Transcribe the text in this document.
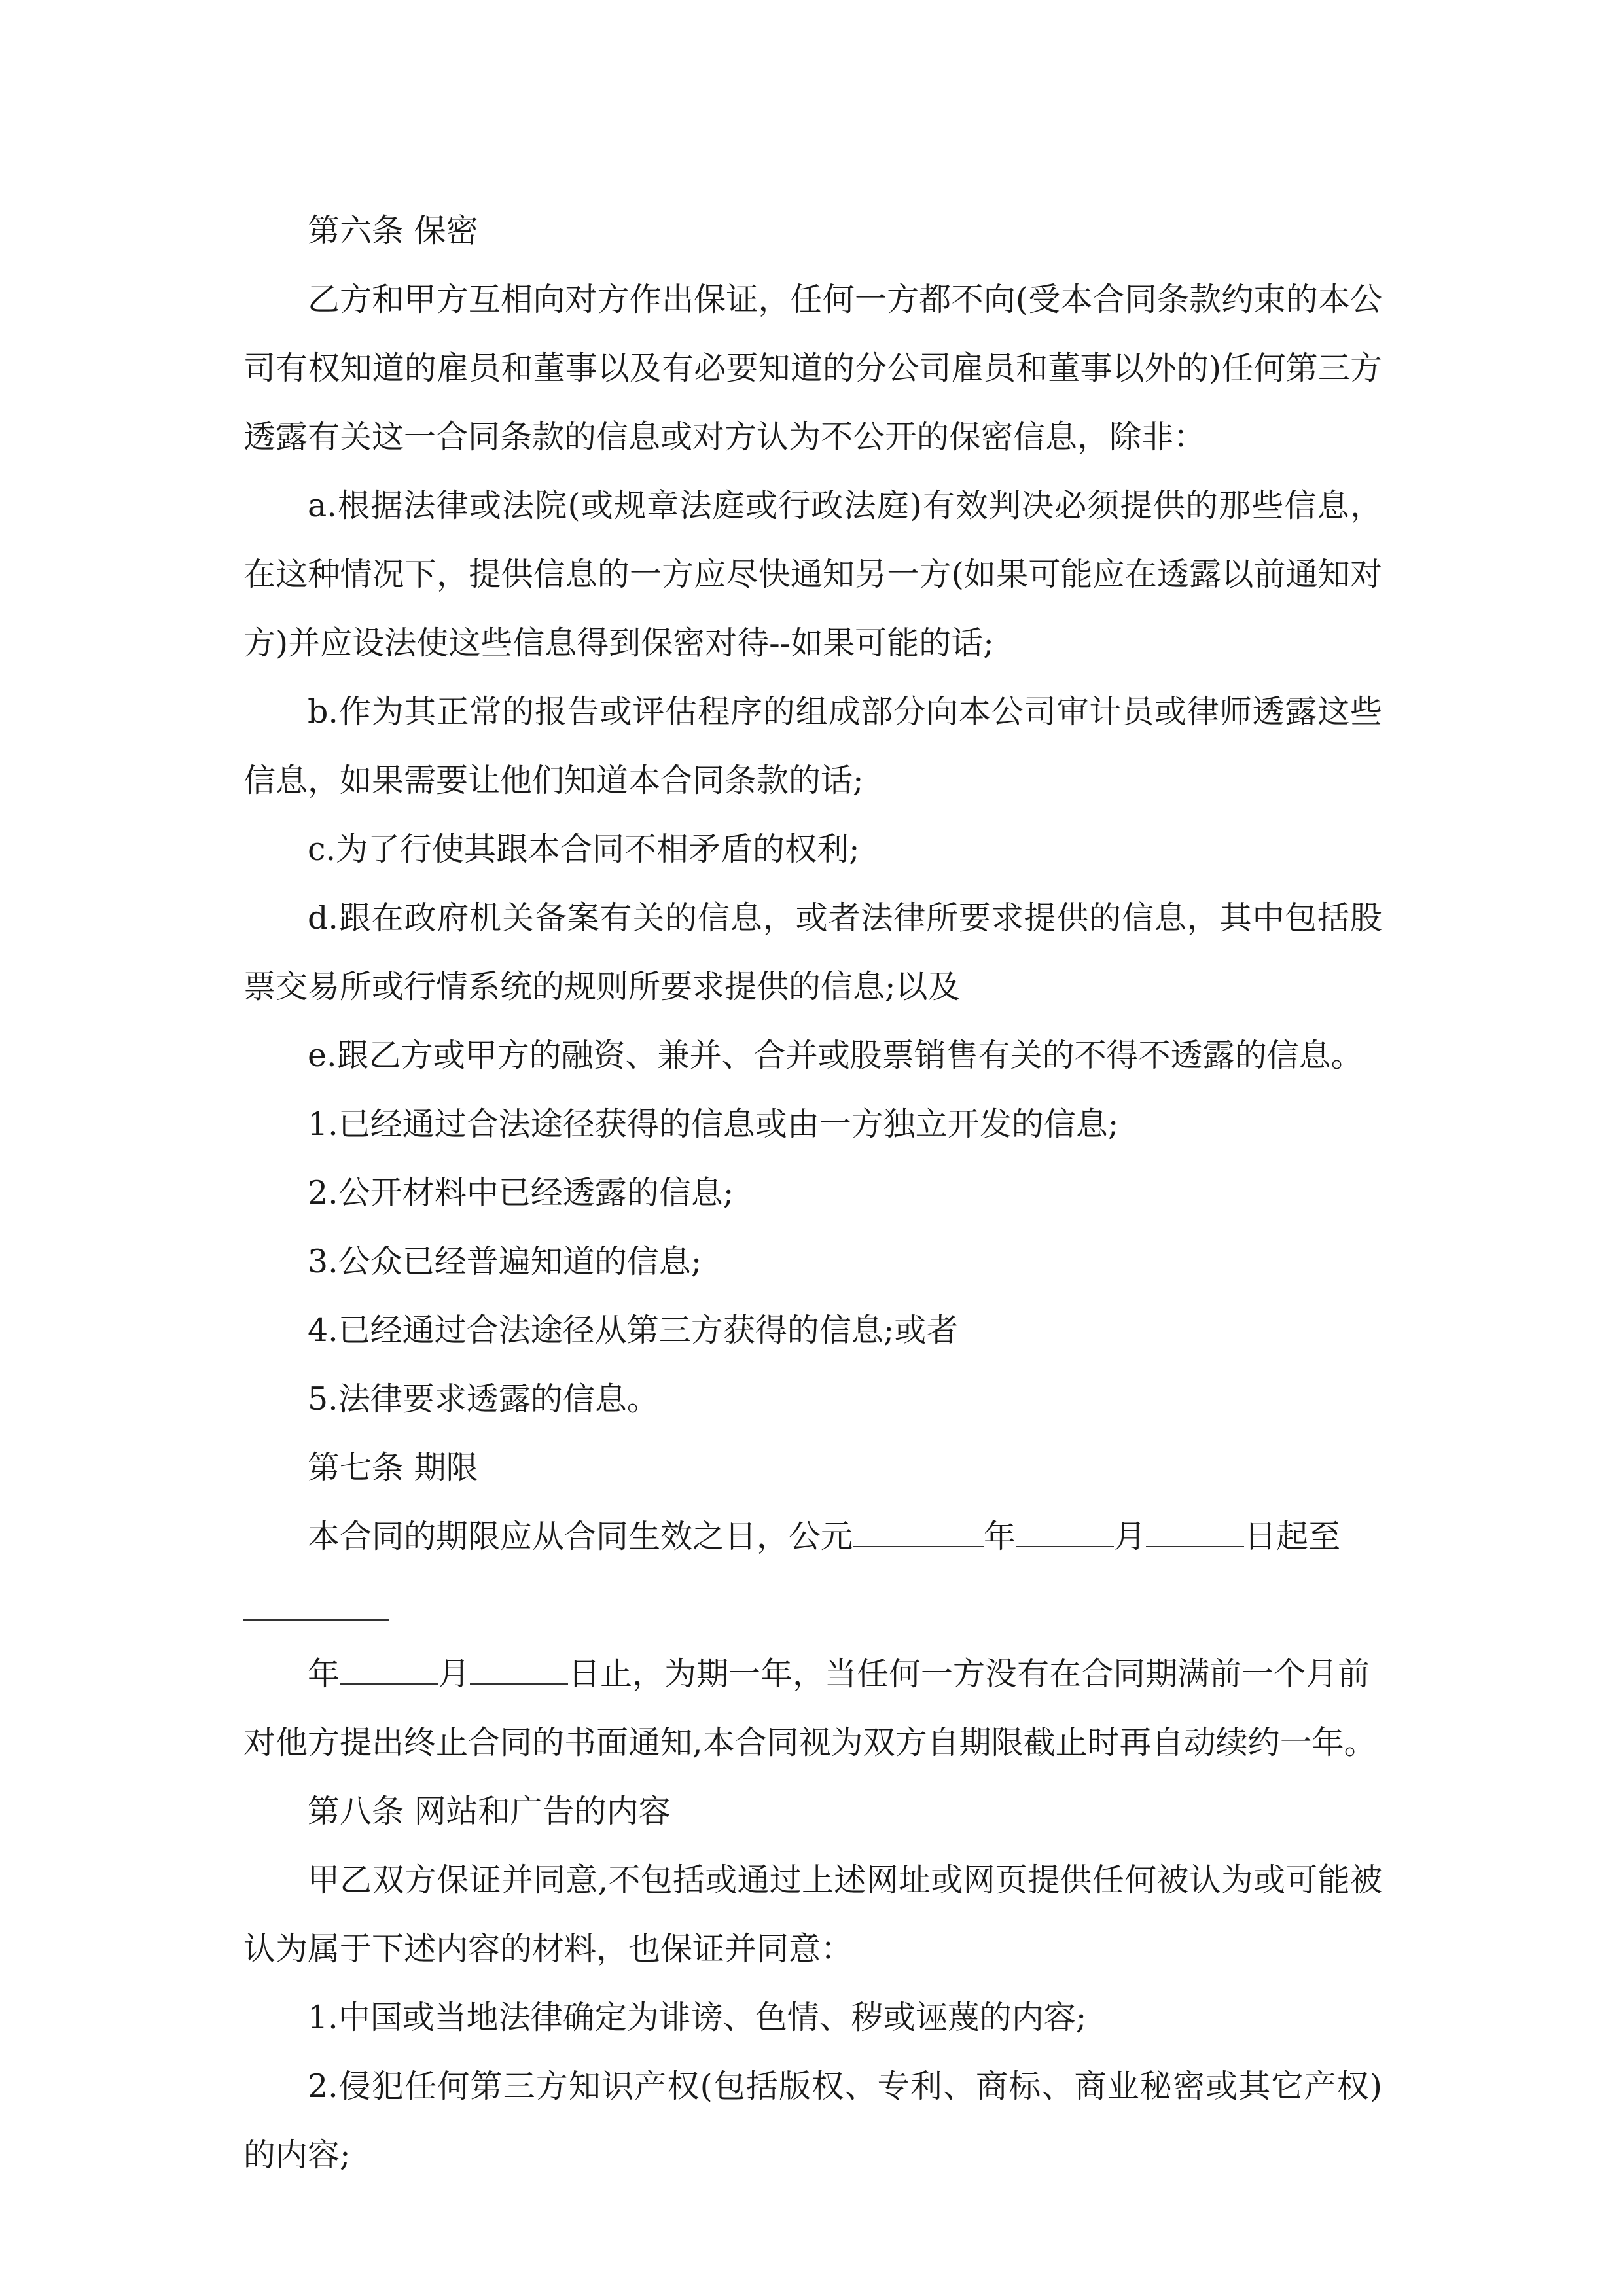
第六条 保密

乙方和甲方互相向对方作出保证，任何一方都不向(受本合同条款约束的本公司有权知道的雇员和董事以及有必要知道的分公司雇员和董事以外的)任何第三方透露有关这一合同条款的信息或对方认为不公开的保密信息，除非：

a.根据法律或法院(或规章法庭或行政法庭)有效判决必须提供的那些信息，在这种情况下，提供信息的一方应尽快通知另一方(如果可能应在透露以前通知对方)并应设法使这些信息得到保密对待--如果可能的话;

b.作为其正常的报告或评估程序的组成部分向本公司审计员或律师透露这些信息，如果需要让他们知道本合同条款的话;

c.为了行使其跟本合同不相矛盾的权利;

d.跟在政府机关备案有关的信息，或者法律所要求提供的信息，其中包括股票交易所或行情系统的规则所要求提供的信息;以及

e.跟乙方或甲方的融资、兼并、合并或股票销售有关的不得不透露的信息。

1.已经通过合法途径获得的信息或由一方独立开发的信息;

2.公开材料中已经透露的信息;

3.公众已经普遍知道的信息;

4.已经通过合法途径从第三方获得的信息;或者

5.法律要求透露的信息。

第七条 期限
本合同的期限应从合同生效之日，公元	年	月	日起至
年	月	日止，为期一年，当任何一方没有在合同期满前一个月前
对他方提出终止合同的书面通知,本合同视为双方自期限截止时再自动续约一年。
第八条 网站和广告的内容

甲乙双方保证并同意,不包括或通过上述网址或网页提供任何被认为或可能被认为属于下述内容的材料，也保证并同意：

1.中国或当地法律确定为诽谤、色情、秽或诬蔑的内容;

2.侵犯任何第三方知识产权(包括版权、专利、商标、商业秘密或其它产权)的内容;
